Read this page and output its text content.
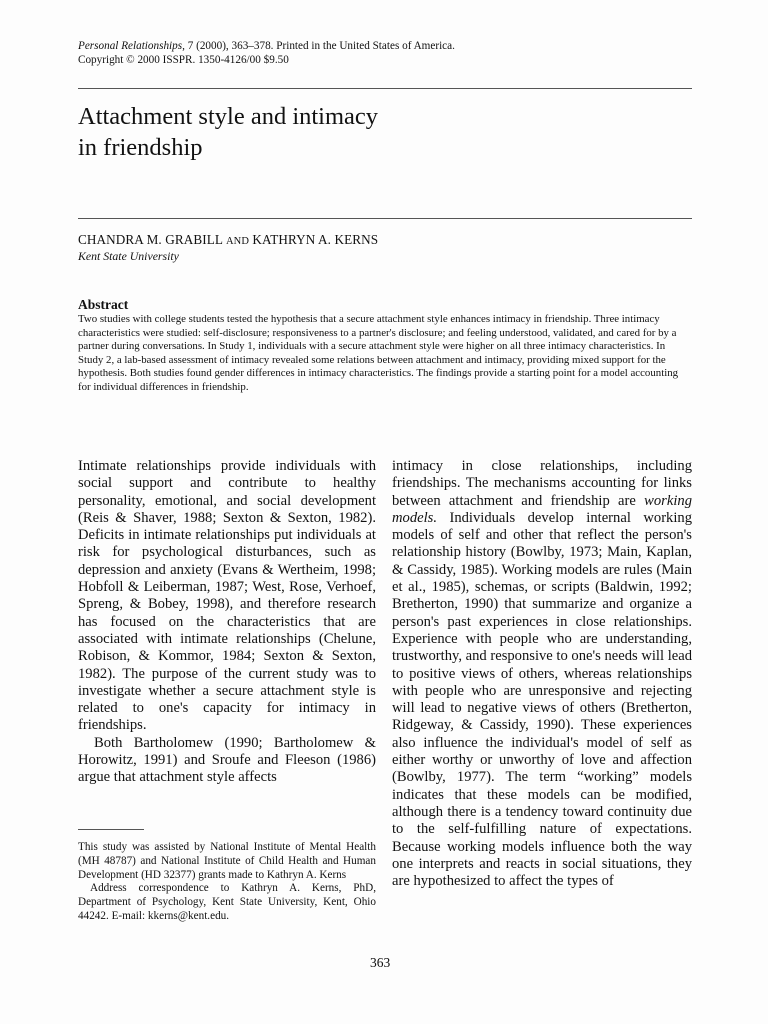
Personal Relationships, 7 (2000), 363–378. Printed in the United States of America.
Copyright © 2000 ISSPR. 1350-4126/00 $9.50
Attachment style and intimacy
in friendship
CHANDRA M. GRABILL AND KATHRYN A. KERNS
Kent State University
Abstract
Two studies with college students tested the hypothesis that a secure attachment style enhances intimacy in friendship. Three intimacy characteristics were studied: self-disclosure; responsiveness to a partner's disclosure; and feeling understood, validated, and cared for by a partner during conversations. In Study 1, individuals with a secure attachment style were higher on all three intimacy characteristics. In Study 2, a lab-based assessment of intimacy revealed some relations between attachment and intimacy, providing mixed support for the hypothesis. Both studies found gender differences in intimacy characteristics. The findings provide a starting point for a model accounting for individual differences in friendship.

Intimate relationships provide individuals with social support and contribute to healthy personality, emotional, and social development (Reis & Shaver, 1988; Sexton & Sexton, 1982). Deficits in intimate relationships put individuals at risk for psychological disturbances, such as depression and anxiety (Evans & Wertheim, 1998; Hobfoll & Leiberman, 1987; West, Rose, Verhoef, Spreng, & Bobey, 1998), and therefore research has focused on the characteristics that are associated with intimate relationships (Chelune, Robison, & Kommor, 1984; Sexton & Sexton, 1982). The purpose of the current study was to investigate whether a secure attachment style is related to one's capacity for intimacy in friendships.

Both Bartholomew (1990; Bartholomew & Horowitz, 1991) and Sroufe and Fleeson (1986) argue that attachment style affects

intimacy in close relationships, including friendships. The mechanisms accounting for links between attachment and friendship are working models. Individuals develop internal working models of self and other that reflect the person's relationship history (Bowlby, 1973; Main, Kaplan, & Cassidy, 1985). Working models are rules (Main et al., 1985), schemas, or scripts (Baldwin, 1992; Bretherton, 1990) that summarize and organize a person's past experiences in close relationships. Experience with people who are understanding, trustworthy, and responsive to one's needs will lead to positive views of others, whereas relationships with people who are unresponsive and rejecting will lead to negative views of others (Bretherton, Ridgeway, & Cassidy, 1990). These experiences also influence the individual's model of self as either worthy or unworthy of love and affection (Bowlby, 1977). The term “working” models indicates that these models can be modified, although there is a tendency toward continuity due to the self-fulfilling nature of expectations. Because working models influence both the way one interprets and reacts in social situations, they are hypothesized to affect the types of

This study was assisted by National Institute of Mental Health (MH 48787) and National Institute of Child Health and Human Development (HD 32377) grants made to Kathryn A. Kerns

Address correspondence to Kathryn A. Kerns, PhD, Department of Psychology, Kent State University, Kent, Ohio 44242. E-mail: kkerns@kent.edu.

363
